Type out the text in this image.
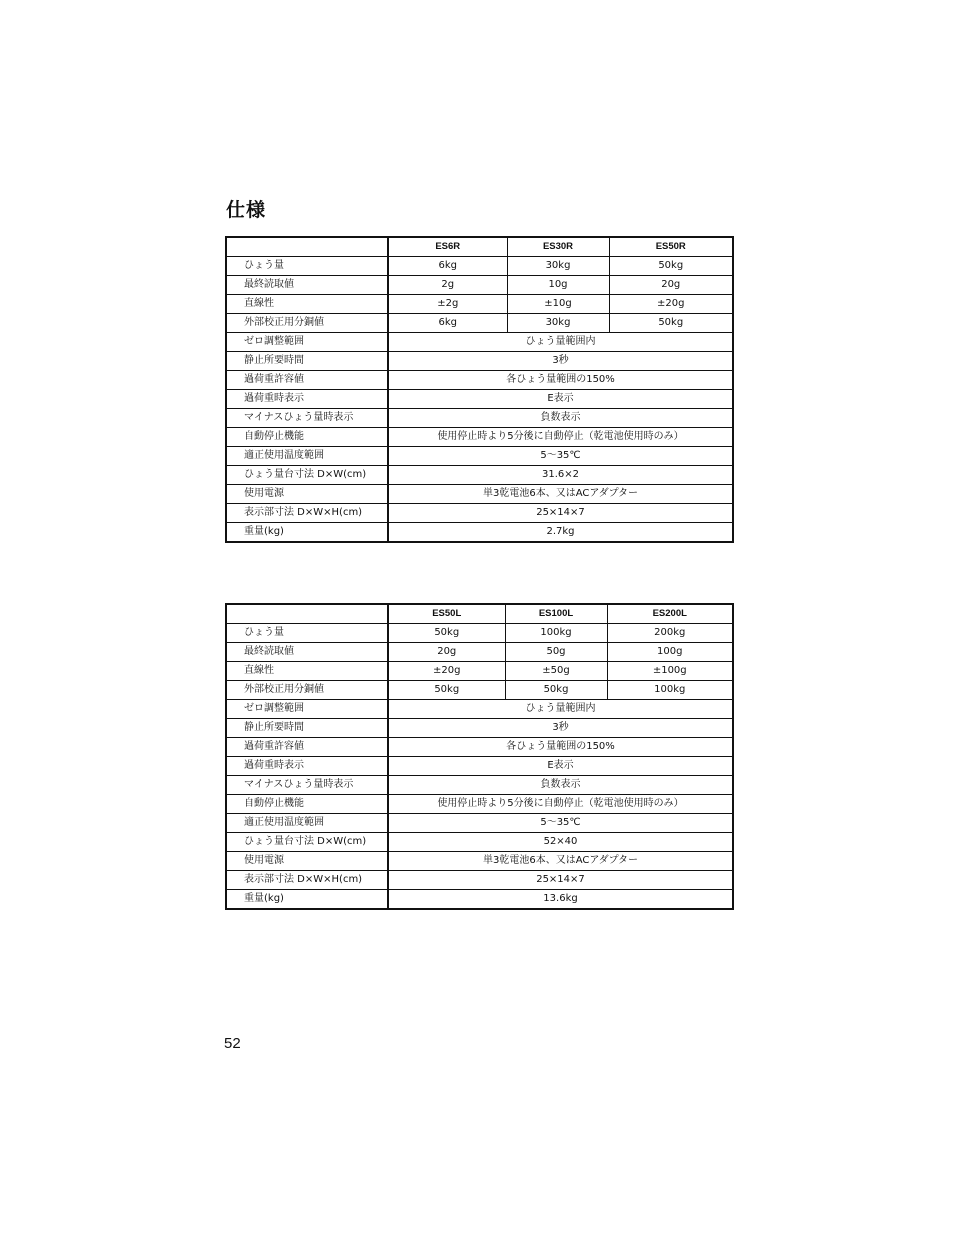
仕様
	ES6R	ES30R	ES50R
ひょう量	6kg	30kg	50kg
最終読取値	2g	10g	20g
直線性	±2g	±10g	±20g
外部校正用分銅値	6kg	30kg	50kg
ゼロ調整範囲	ひょう量範囲内		
静止所要時間	3秒		
過荷重許容値	各ひょう量範囲の150%		
過荷重時表示	E表示		
マイナスひょう量時表示	負数表示		
自動停止機能	使用停止時より5分後に自動停止（乾電池使用時のみ）		
適正使用温度範囲	5～35℃		
ひょう量台寸法 D×W(cm)	31.6×2		
使用電源	単3乾電池6本、又はACアダプター		
表示部寸法 D×W×H(cm)	25×14×7		
重量(kg)	2.7kg		
	ES50L	ES100L	ES200L
ひょう量	50kg	100kg	200kg
最終読取値	20g	50g	100g
直線性	±20g	±50g	±100g
外部校正用分銅値	50kg	50kg	100kg
ゼロ調整範囲	ひょう量範囲内		
静止所要時間	3秒		
過荷重許容値	各ひょう量範囲の150%		
過荷重時表示	E表示		
マイナスひょう量時表示	負数表示		
自動停止機能	使用停止時より5分後に自動停止（乾電池使用時のみ）		
適正使用温度範囲	5～35℃		
ひょう量台寸法 D×W(cm)	52×40		
使用電源	単3乾電池6本、又はACアダプター		
表示部寸法 D×W×H(cm)	25×14×7		
重量(kg)	13.6kg		
52
